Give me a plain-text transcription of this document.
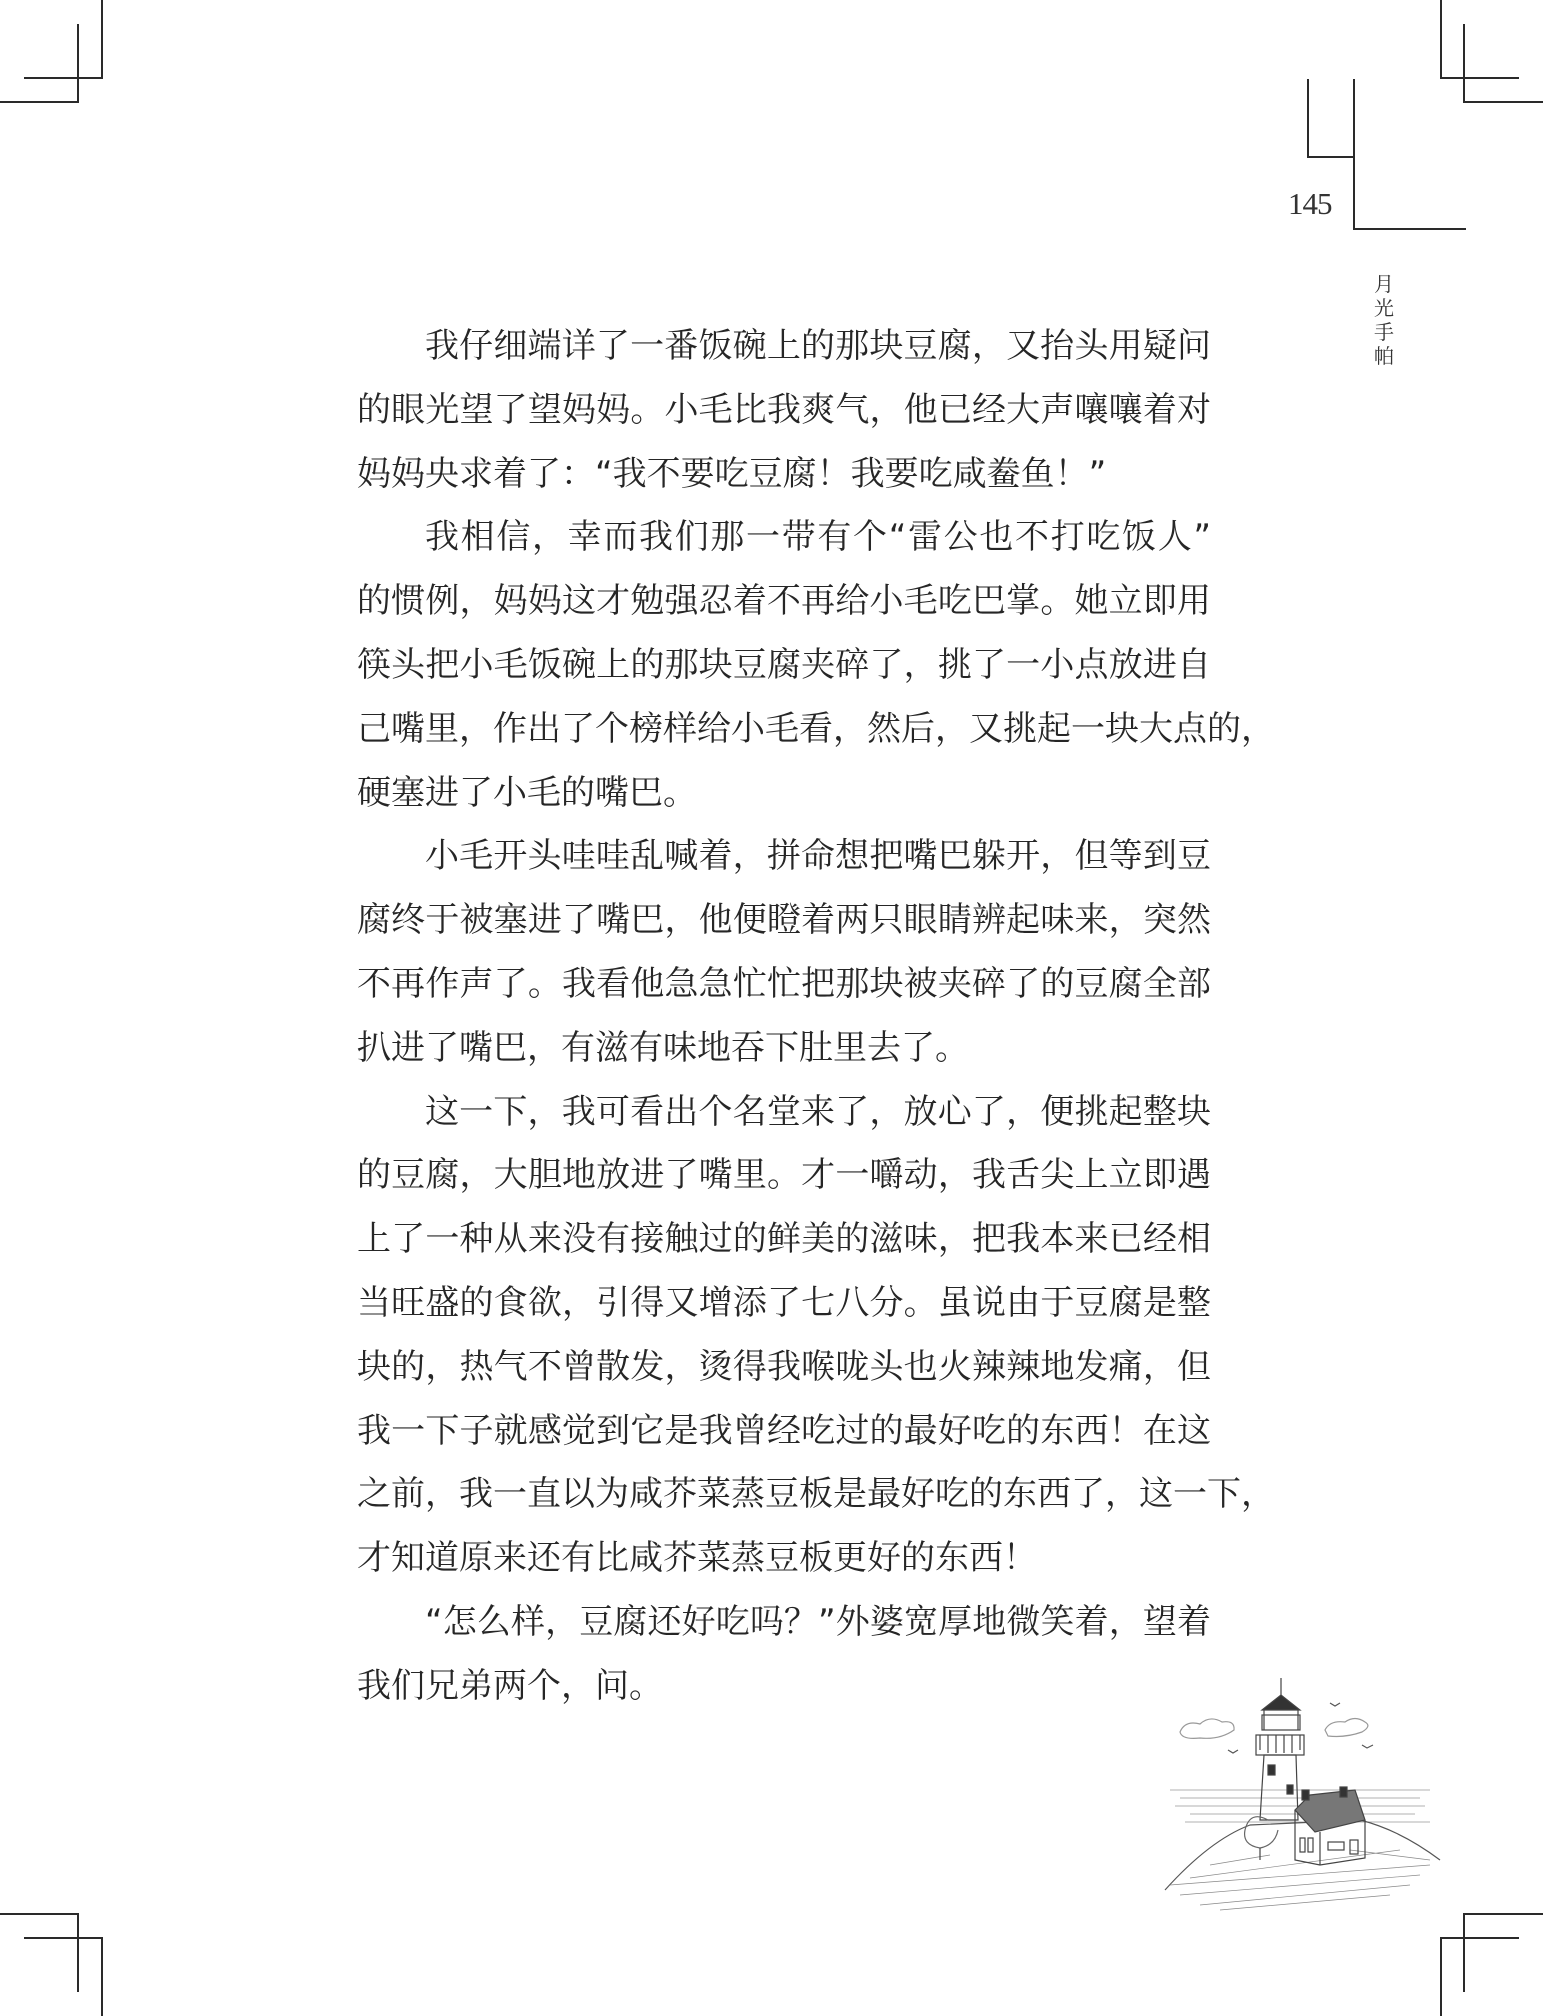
145
月
光
手
帕
我仔细端详了一番饭碗上的那块豆腐，又抬头用疑问
的眼光望了望妈妈。小毛比我爽气，他已经大声嚷嚷着对
妈妈央求着了：“我不要吃豆腐！我要吃咸鲞鱼！”
我相信，幸而我们那一带有个“雷公也不打吃饭人”
的惯例，妈妈这才勉强忍着不再给小毛吃巴掌。她立即用
筷头把小毛饭碗上的那块豆腐夹碎了，挑了一小点放进自
己嘴里，作出了个榜样给小毛看，然后，又挑起一块大点的，
硬塞进了小毛的嘴巴。
小毛开头哇哇乱喊着，拼命想把嘴巴躲开，但等到豆
腐终于被塞进了嘴巴，他便瞪着两只眼睛辨起味来，突然
不再作声了。我看他急急忙忙把那块被夹碎了的豆腐全部
扒进了嘴巴，有滋有味地吞下肚里去了。
这一下，我可看出个名堂来了，放心了，便挑起整块
的豆腐，大胆地放进了嘴里。才一嚼动，我舌尖上立即遇
上了一种从来没有接触过的鲜美的滋味，把我本来已经相
当旺盛的食欲，引得又增添了七八分。虽说由于豆腐是整
块的，热气不曾散发，烫得我喉咙头也火辣辣地发痛，但
我一下子就感觉到它是我曾经吃过的最好吃的东西！在这
之前，我一直以为咸芥菜蒸豆板是最好吃的东西了，这一下，
才知道原来还有比咸芥菜蒸豆板更好的东西！
“怎么样，豆腐还好吃吗？”外婆宽厚地微笑着，望着
我们兄弟两个，问。
